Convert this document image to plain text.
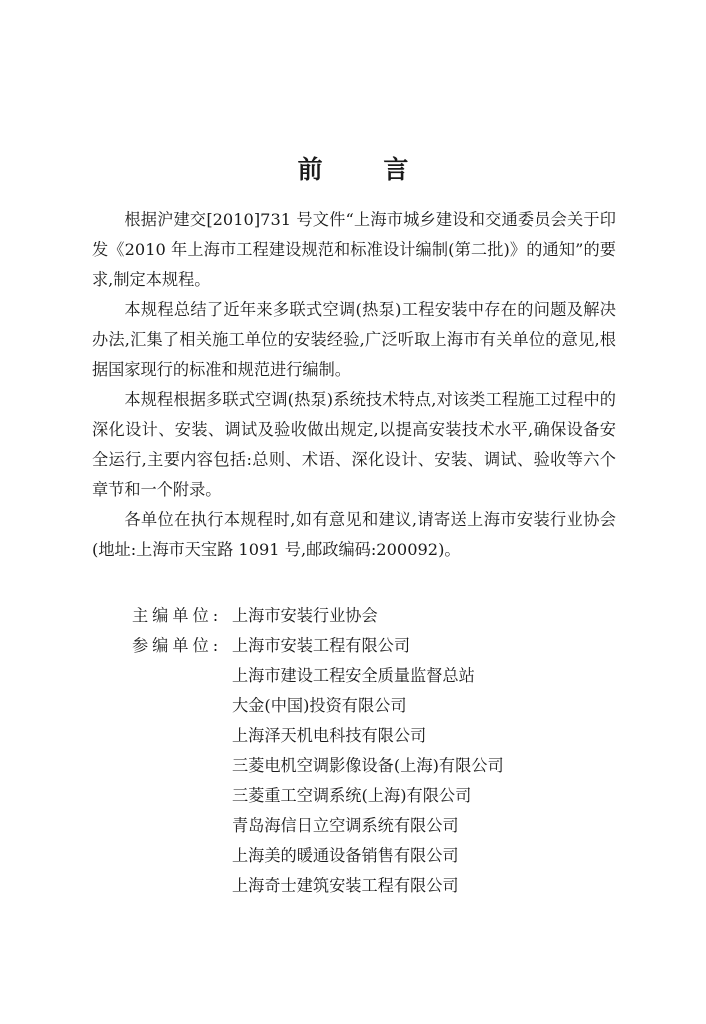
前 言

根据沪建交[2010]731 号文件“上海市城乡建设和交通委员会关于印发《2010 年上海市工程建设规范和标准设计编制(第二批)》的通知”的要求,制定本规程。

本规程总结了近年来多联式空调(热泵)工程安装中存在的问题及解决办法,汇集了相关施工单位的安装经验,广泛听取上海市有关单位的意见,根据国家现行的标准和规范进行编制。

本规程根据多联式空调(热泵)系统技术特点,对该类工程施工过程中的深化设计、安装、调试及验收做出规定,以提高安装技术水平,确保设备安全运行,主要内容包括:总则、术语、深化设计、安装、调试、验收等六个章节和一个附录。

各单位在执行本规程时,如有意见和建议,请寄送上海市安装行业协会(地址:上海市天宝路 1091 号,邮政编码:200092)。

主编单位: 上海市安装行业协会
参编单位: 上海市安装工程有限公司
上海市建设工程安全质量监督总站
大金(中国)投资有限公司
上海泽天机电科技有限公司
三菱电机空调影像设备(上海)有限公司
三菱重工空调系统(上海)有限公司
青岛海信日立空调系统有限公司
上海美的暖通设备销售有限公司
上海奇士建筑安装工程有限公司
